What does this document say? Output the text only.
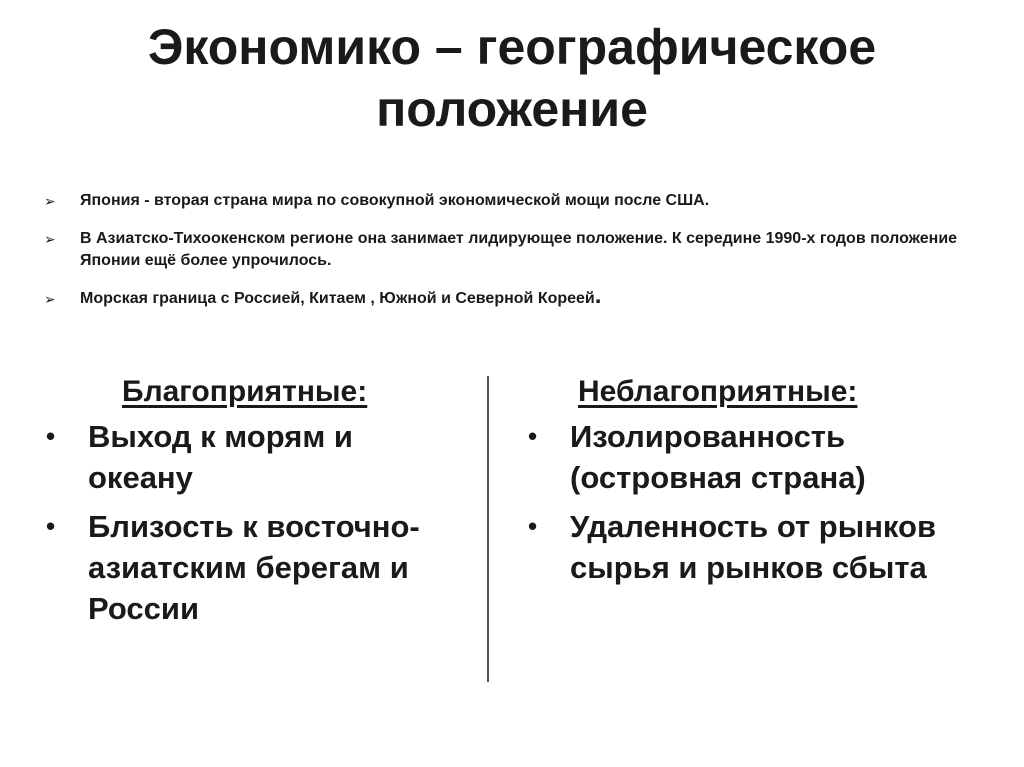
Экономико – географическое
положение
➢ Япония - вторая страна мира по совокупной экономической мощи после США.
➢ В Азиатско-Тихоокенском регионе она занимает лидирующее положение. К середине 1990-х годов положение Японии ещё более упрочилось.
➢ Морская граница с Россией, Китаем , Южной и Северной Кореей.
Благоприятные:
• Выход к морям и океану
• Близость к восточно-азиатским берегам и России
Неблагоприятные:
• Изолированность (островная страна)
• Удаленность от рынков сырья и рынков сбыта
